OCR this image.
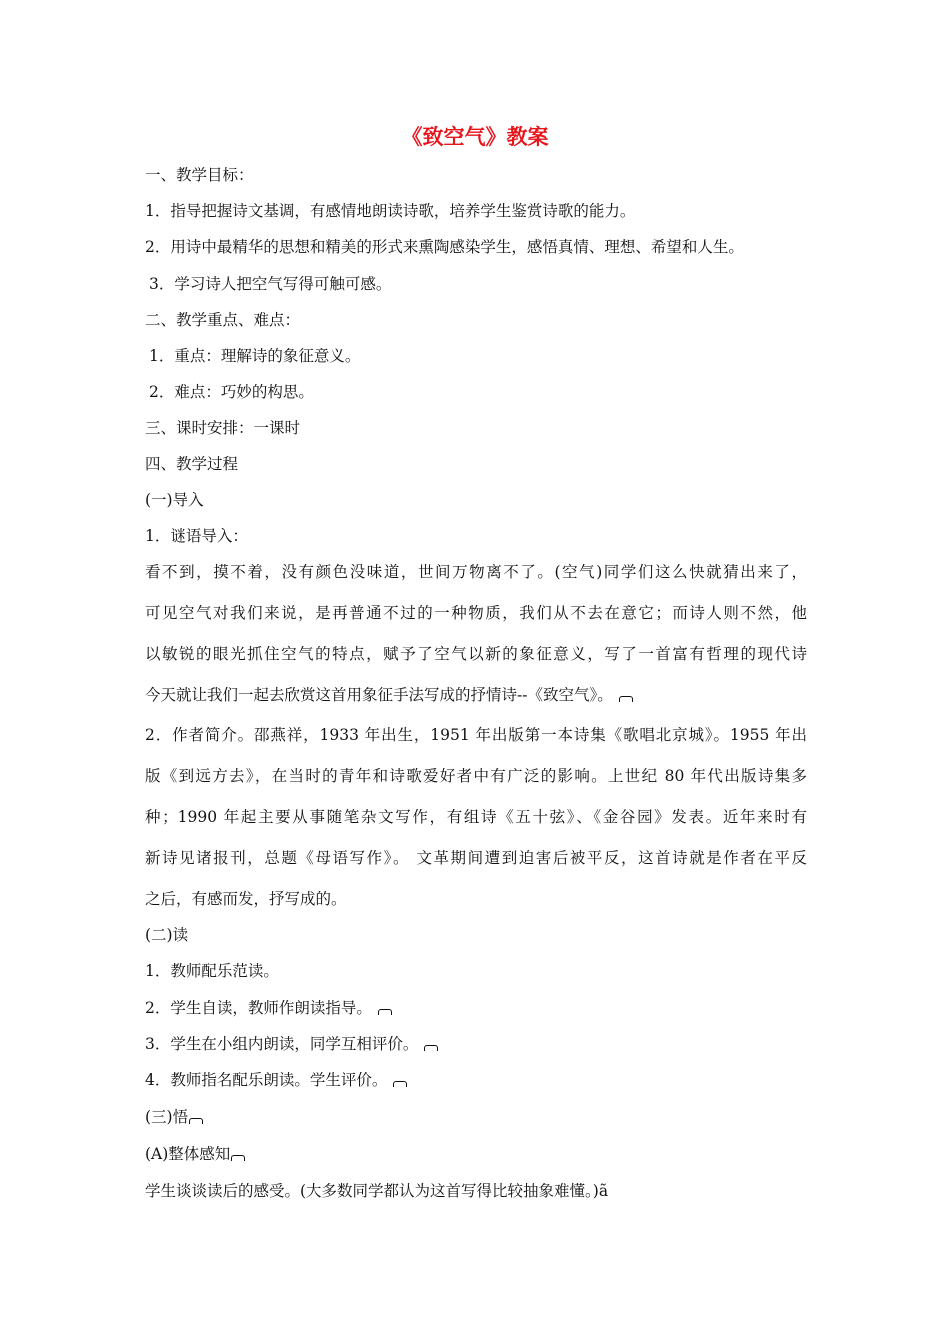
《致空气》教案
一、教学目标：
1．指导把握诗文基调，有感情地朗读诗歌，培养学生鉴赏诗歌的能力。
2．用诗中最精华的思想和精美的形式来熏陶感染学生，感悟真情、理想、希望和人生。
3．学习诗人把空气写得可触可感。
二、教学重点、难点：
1．重点：理解诗的象征意义。
2．难点：巧妙的构思。
三、课时安排：一课时
四、教学过程
(一)导入
1．谜语导入：
看不到，摸不着，没有颜色没味道，世间万物离不了。(空气)同学们这么快就猜出来了，
可见空气对我们来说，是再普通不过的一种物质，我们从不去在意它；而诗人则不然，他
以敏锐的眼光抓住空气的特点，赋予了空气以新的象征意义，写了一首富有哲理的现代诗
今天就让我们一起去欣赏这首用象征手法写成的抒情诗--《致空气》。
2．作者简介。邵燕祥，1933 年出生，1951 年出版第一本诗集《歌唱北京城》。1955 年出
版《到远方去》，在当时的青年和诗歌爱好者中有广泛的影响。上世纪 80 年代出版诗集多
种；1990 年起主要从事随笔杂文写作，有组诗《五十弦》、《金谷园》发表。近年来时有
新诗见诸报刊，总题《母语写作》。 文革期间遭到迫害后被平反，这首诗就是作者在平反
之后，有感而发，抒写成的。
(二)读
1．教师配乐范读。
2．学生自读，教师作朗读指导。
3．学生在小组内朗读，同学互相评价。
4．教师指名配乐朗读。学生评价。
(三)悟
(A)整体感知
学生谈谈读后的感受。(大多数同学都认为这首写得比较抽象难懂。)ã
